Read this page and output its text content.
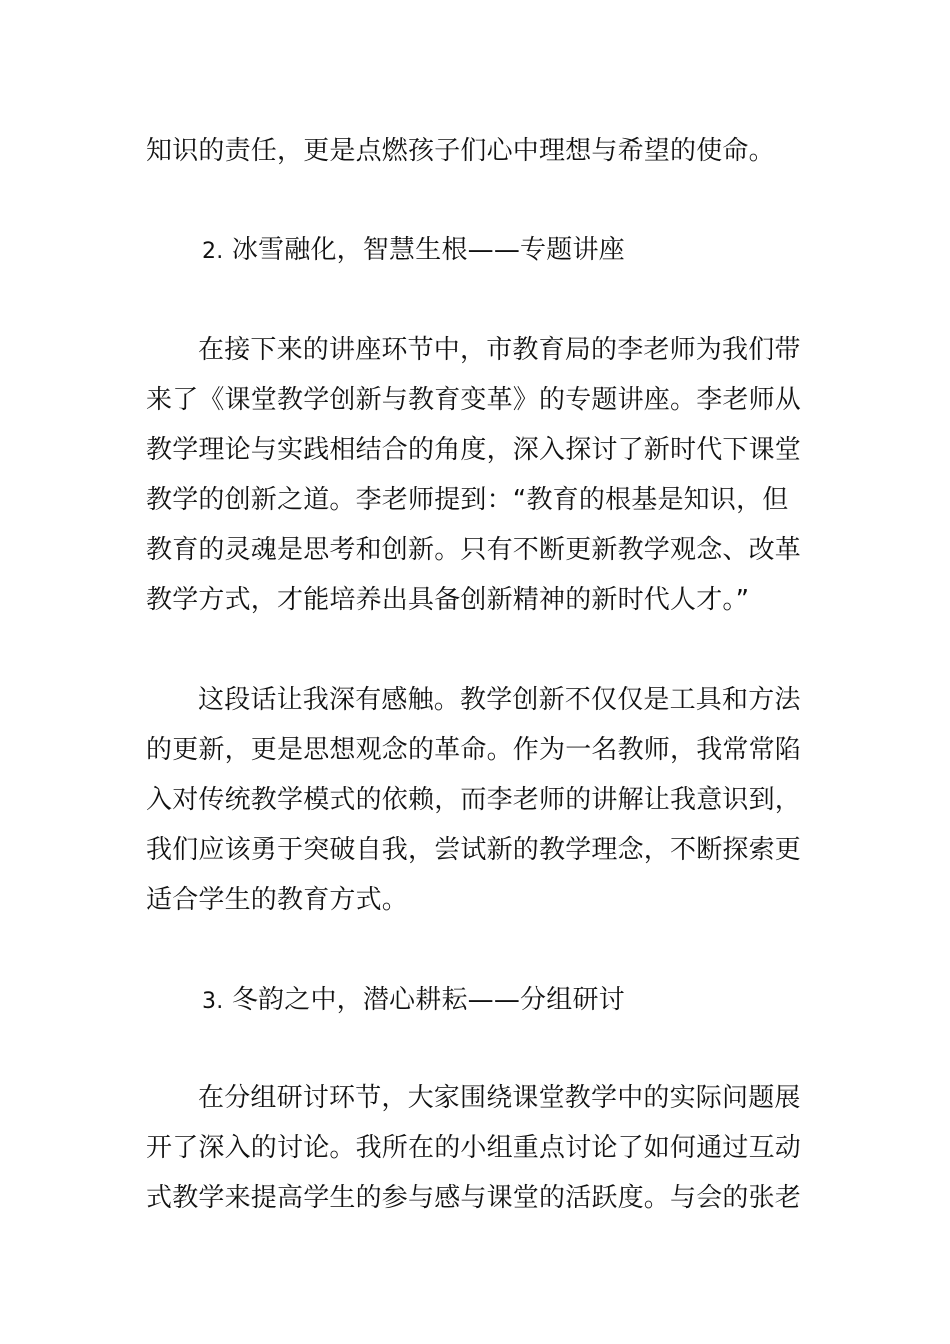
知识的责任，更是点燃孩子们心中理想与希望的使命。
2. 冰雪融化，智慧生根——专题讲座
在接下来的讲座环节中，市教育局的李老师为我们带
来了《课堂教学创新与教育变革》的专题讲座。李老师从
教学理论与实践相结合的角度，深入探讨了新时代下课堂
教学的创新之道。李老师提到：“教育的根基是知识，但
教育的灵魂是思考和创新。只有不断更新教学观念、改革
教学方式，才能培养出具备创新精神的新时代人才。”
这段话让我深有感触。教学创新不仅仅是工具和方法
的更新，更是思想观念的革命。作为一名教师，我常常陷
入对传统教学模式的依赖，而李老师的讲解让我意识到，
我们应该勇于突破自我，尝试新的教学理念，不断探索更
适合学生的教育方式。
3. 冬韵之中，潜心耕耘——分组研讨
在分组研讨环节，大家围绕课堂教学中的实际问题展
开了深入的讨论。我所在的小组重点讨论了如何通过互动
式教学来提高学生的参与感与课堂的活跃度。与会的张老
